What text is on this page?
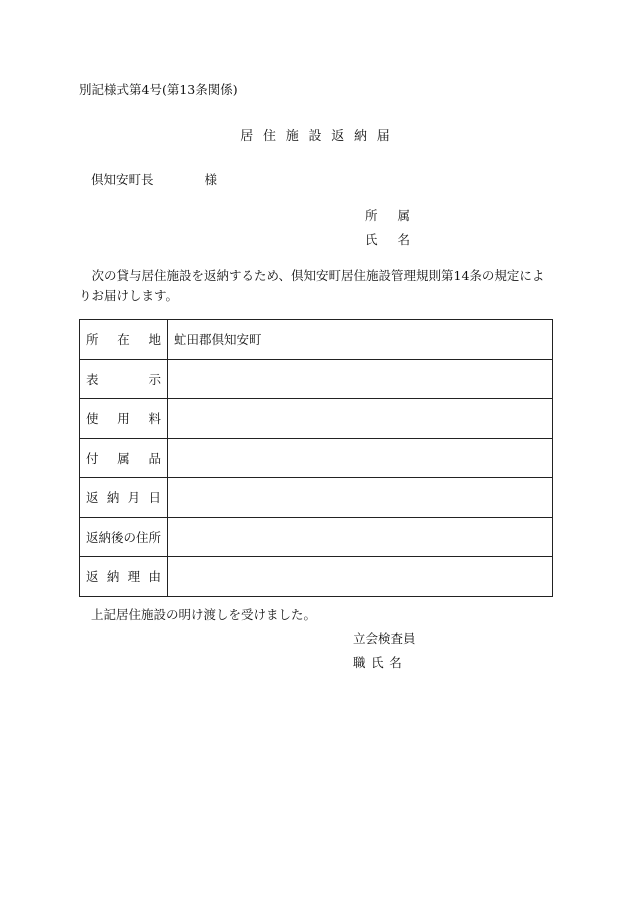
別記様式第4号(第13条関係)
居住施設返納届
倶知安町長	様
所属
氏名
次の貸与居住施設を返納するため、倶知安町居住施設管理規則第14条の規定によりお届けします。
所在地	虻田郡倶知安町
表示	
使用料	
付属品	
返納月日	
返納後の住所	
返納理由	
上記居住施設の明け渡しを受けました。
立会検査員
職氏名
